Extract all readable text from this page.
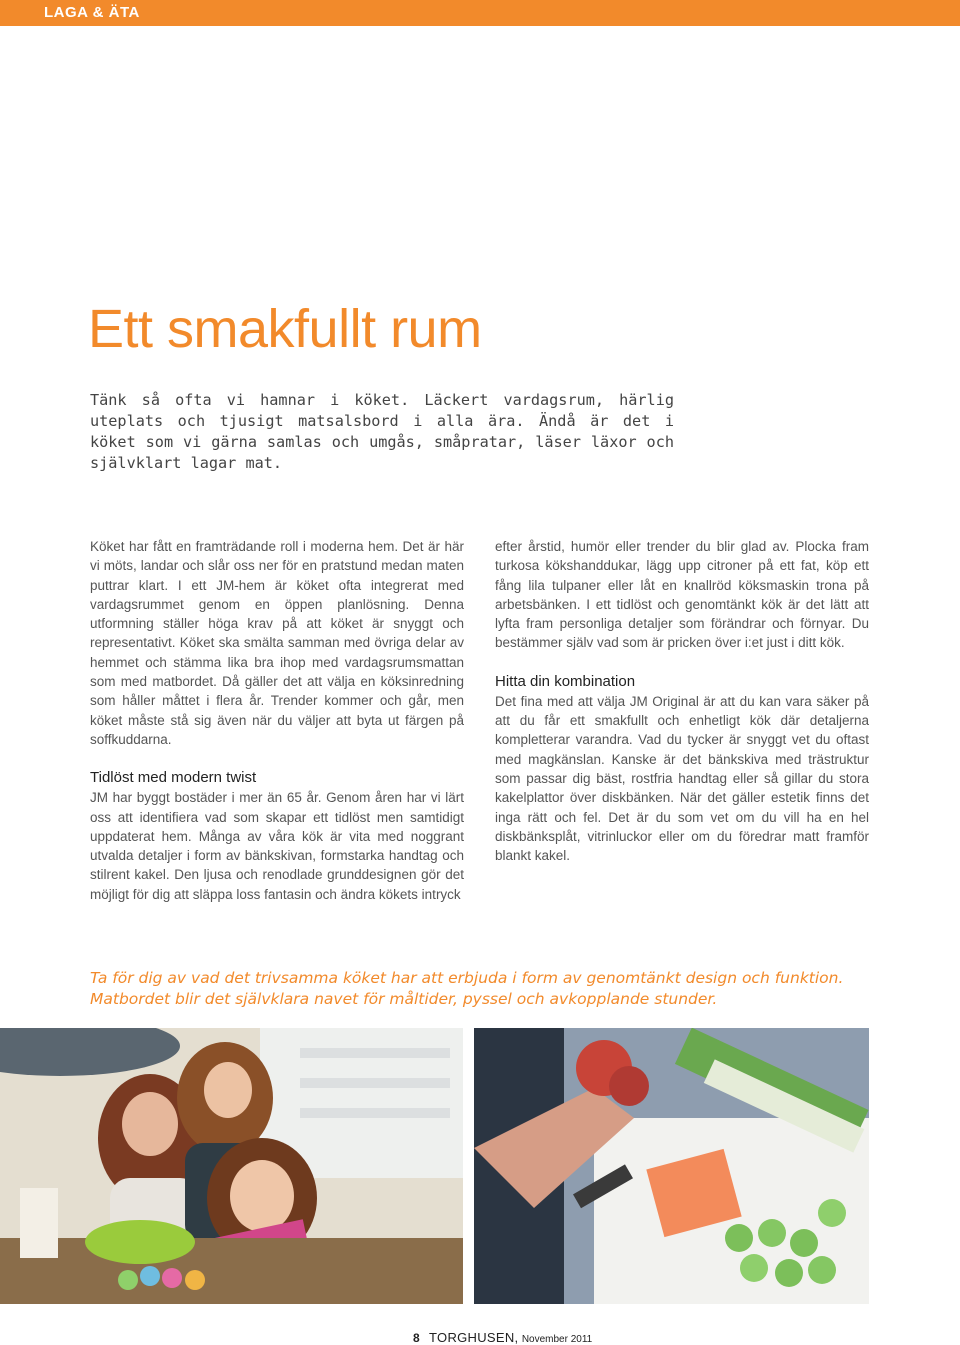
LAGA & ÄTA
Ett smakfullt rum

Tänk så ofta vi hamnar i köket. Läckert vardagsrum, härlig uteplats och tjusigt matsalsbord i alla ära. Ändå är det i köket som vi gärna samlas och umgås, småpratar, läser läxor och självklart lagar mat.

Köket har fått en framträdande roll i moderna hem. Det är här vi möts, landar och slår oss ner för en pratstund medan maten puttrar klart. I ett JM-hem är köket ofta integrerat med vardagsrummet genom en öppen planlösning. Denna utformning ställer höga krav på att köket är snyggt och representativt. Köket ska smälta samman med övriga delar av hemmet och stämma lika bra ihop med vardagsrumsmattan som med matbordet. Då gäller det att välja en köksinredning som håller måttet i flera år. Trender kommer och går, men köket måste stå sig även när du väljer att byta ut färgen på soffkuddarna.

Tidlöst med modern twist

JM har byggt bostäder i mer än 65 år. Genom åren har vi lärt oss att identifiera vad som skapar ett tidlöst men samtidigt uppdaterat hem. Många av våra kök är vita med noggrant utvalda detaljer i form av bänkskivan, formstarka handtag och stilrent kakel. Den ljusa och renodlade grunddesignen gör det möjligt för dig att släppa loss fantasin och ändra kökets intryck

efter årstid, humör eller trender du blir glad av. Plocka fram turkosa kökshanddukar, lägg upp citroner på ett fat, köp ett fång lila tulpaner eller låt en knallröd köksmaskin trona på arbetsbänken. I ett tidlöst och genomtänkt kök är det lätt att lyfta fram personliga detaljer som förändrar och förnyar. Du bestämmer själv vad som är pricken över i:et just i ditt kök.

Hitta din kombination

Det fina med att välja JM Original är att du kan vara säker på att du får ett smakfullt och enhetligt kök där detaljerna kompletterar varandra. Vad du tycker är snyggt vet du oftast med magkänslan. Kanske är det bänkskiva med trästruktur som passar dig bäst, rostfria handtag eller så gillar du stora kakelplattor över diskbänken. När det gäller estetik finns det inga rätt och fel. Det är du som vet om du vill ha en hel diskbänksplåt, vitrinluckor eller om du föredrar matt framför blankt kakel.

Ta för dig av vad det trivsamma köket har att erbjuda i form av genomtänkt design och funktion. Matbordet blir det självklara navet för måltider, pyssel och avkopplande stunder.

8 TORGHUSEN, November 2011
